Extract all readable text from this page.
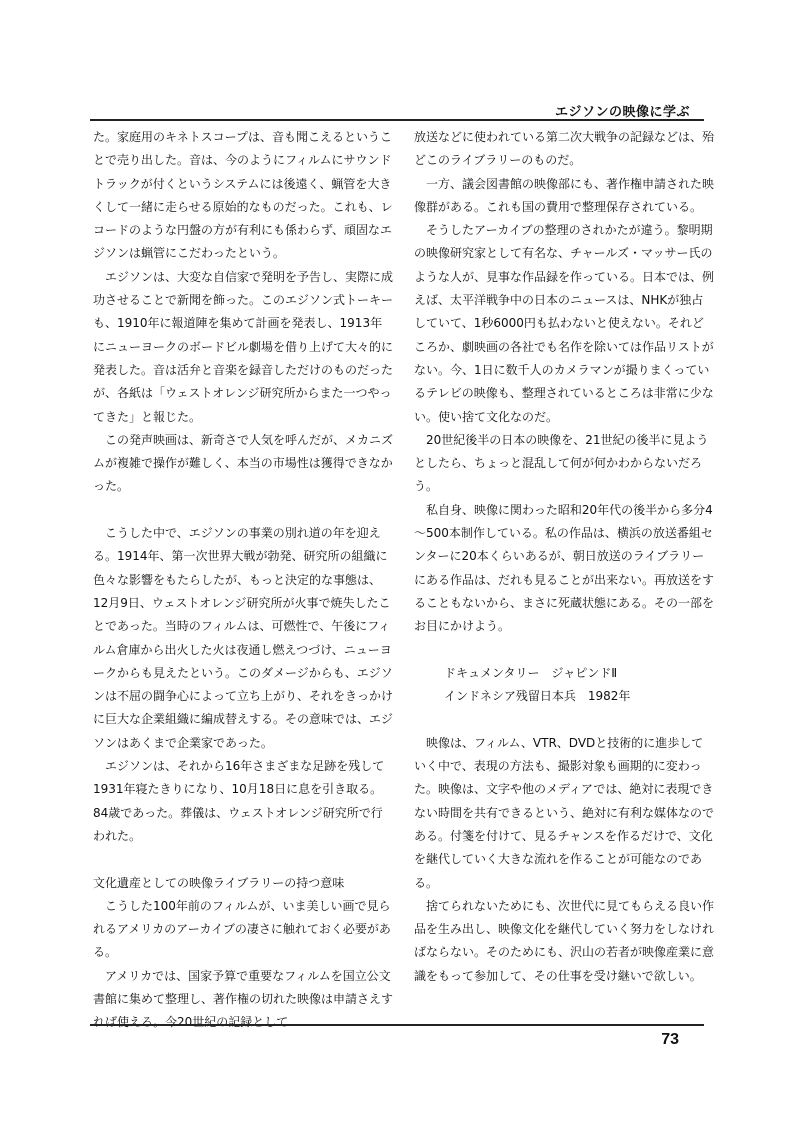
エジソンの映像に学ぶ

た。家庭用のキネトスコープは、音も聞こえるということで売り出した。音は、今のようにフィルムにサウンドトラックが付くというシステムには後遠く、蝋管を大きくして一緒に走らせる原始的なものだった。これも、レコードのような円盤の方が有利にも係わらず、頑固なエジソンは蝋管にこだわったという。

エジソンは、大変な自信家で発明を予告し、実際に成功させることで新聞を飾った。このエジソン式トーキーも、1910年に報道陣を集めて計画を発表し、1913年にニューヨークのボードビル劇場を借り上げて大々的に発表した。音は活弁と音楽を録音しただけのものだったが、各紙は「ウェストオレンジ研究所からまた一つやってきた」と報じた。

この発声映画は、新奇さで人気を呼んだが、メカニズムが複雑で操作が難しく、本当の市場性は獲得できなかった。

こうした中で、エジソンの事業の別れ道の年を迎える。1914年、第一次世界大戦が勃発、研究所の組織に色々な影響をもたらしたが、もっと決定的な事態は、12月9日、ウェストオレンジ研究所が火事で焼失したことであった。当時のフィルムは、可燃性で、午後にフィルム倉庫から出火した火は夜通し燃えつづけ、ニューヨークからも見えたという。このダメージからも、エジソンは不屈の闘争心によって立ち上がり、それをきっかけに巨大な企業組織に編成替えする。その意味では、エジソンはあくまで企業家であった。

エジソンは、それから16年さまざまな足跡を残して1931年寝たきりになり、10月18日に息を引き取る。84歳であった。葬儀は、ウェストオレンジ研究所で行われた。

文化遺産としての映像ライブラリーの持つ意味

こうした100年前のフィルムが、いま美しい画で見られるアメリカのアーカイブの凄さに触れておく必要がある。

アメリカでは、国家予算で重要なフィルムを国立公文書館に集めて整理し、著作権の切れた映像は申請さえすれば使える。今20世紀の記録として

放送などに使われている第二次大戦争の記録などは、殆どこのライブラリーのものだ。

一方、議会図書館の映像部にも、著作権申請された映像群がある。これも国の費用で整理保存されている。

そうしたアーカイブの整理のされかたが違う。黎明期の映像研究家として有名な、チャールズ・マッサー氏のような人が、見事な作品録を作っている。日本では、例えば、太平洋戦争中の日本のニュースは、NHKが独占していて、1秒6000円も払わないと使えない。それどころか、劇映画の各社でも名作を除いては作品リストがない。今、1日に数千人のカメラマンが撮りまくっているテレビの映像も、整理されているところは非常に少ない。使い捨て文化なのだ。

20世紀後半の日本の映像を、21世紀の後半に見ようとしたら、ちょっと混乱して何が何かわからないだろう。

私自身、映像に関わった昭和20年代の後半から多分4～500本制作している。私の作品は、横浜の放送番組センターに20本くらいあるが、朝日放送のライブラリーにある作品は、だれも見ることが出来ない。再放送をすることもないから、まさに死蔵状態にある。その一部をお目にかけよう。

ドキュメンタリー　ジャピンドⅡ

インドネシア残留日本兵　1982年

映像は、フィルム、VTR、DVDと技術的に進歩していく中で、表現の方法も、撮影対象も画期的に変わった。映像は、文字や他のメディアでは、絶対に表現できない時間を共有できるという、絶対に有利な媒体なのである。付箋を付けて、見るチャンスを作るだけで、文化を継代していく大きな流れを作ることが可能なのである。

捨てられないためにも、次世代に見てもらえる良い作品を生み出し、映像文化を継代していく努力をしなければならない。そのためにも、沢山の若者が映像産業に意識をもって参加して、その仕事を受け継いで欲しい。

73
